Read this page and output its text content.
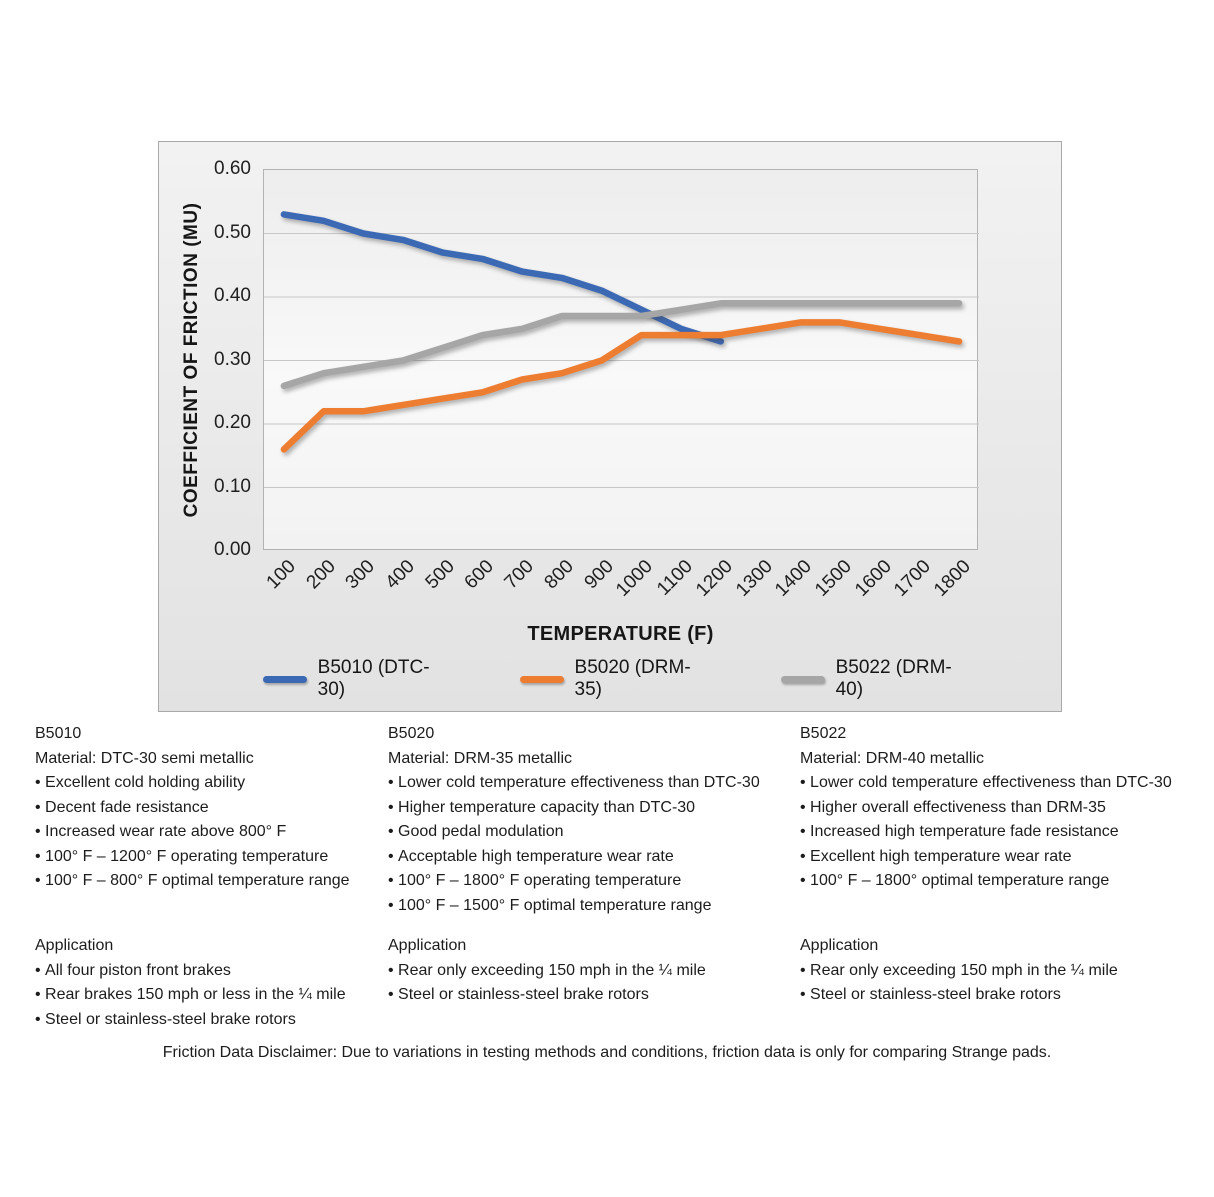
COEFFICIENT OF FRICTION (MU)
TEMPERATURE (F)
B5010 (DTC-30)
B5020 (DRM-35)
B5022 (DRM-40)
0.00
0.10
0.20
0.30
0.40
0.50
0.60
100 200 300 400 500 600 700 800 900
1000
1100
1200
1300
1400
1500
1600
1700
1800
B5010
Material: DTC-30 semi metallic
• Excellent cold holding ability
• Decent fade resistance
• Increased wear rate above 800° F
• 100° F – 1200° F operating temperature
• 100° F – 800° F optimal temperature range
B5020
Material: DRM-35 metallic
• Lower cold temperature effectiveness than DTC-30
• Higher temperature capacity than DTC-30
• Good pedal modulation
• Acceptable high temperature wear rate
• 100° F – 1800° F operating temperature
• 100° F – 1500° F optimal temperature range
B5022
Material: DRM-40 metallic
• Lower cold temperature effectiveness than DTC-30
• Higher overall effectiveness than DRM-35
• Increased high temperature fade resistance
• Excellent high temperature wear rate
• 100° F – 1800° optimal temperature range
Application
• All four piston front brakes
• Rear brakes 150 mph or less in the ¼ mile
• Steel or stainless-steel brake rotors
Application
• Rear only exceeding 150 mph in the ¼ mile
• Steel or stainless-steel brake rotors
Application
• Rear only exceeding 150 mph in the ¼ mile
• Steel or stainless-steel brake rotors
Friction Data Disclaimer: Due to variations in testing methods and conditions, friction data is only for comparing Strange pads.
